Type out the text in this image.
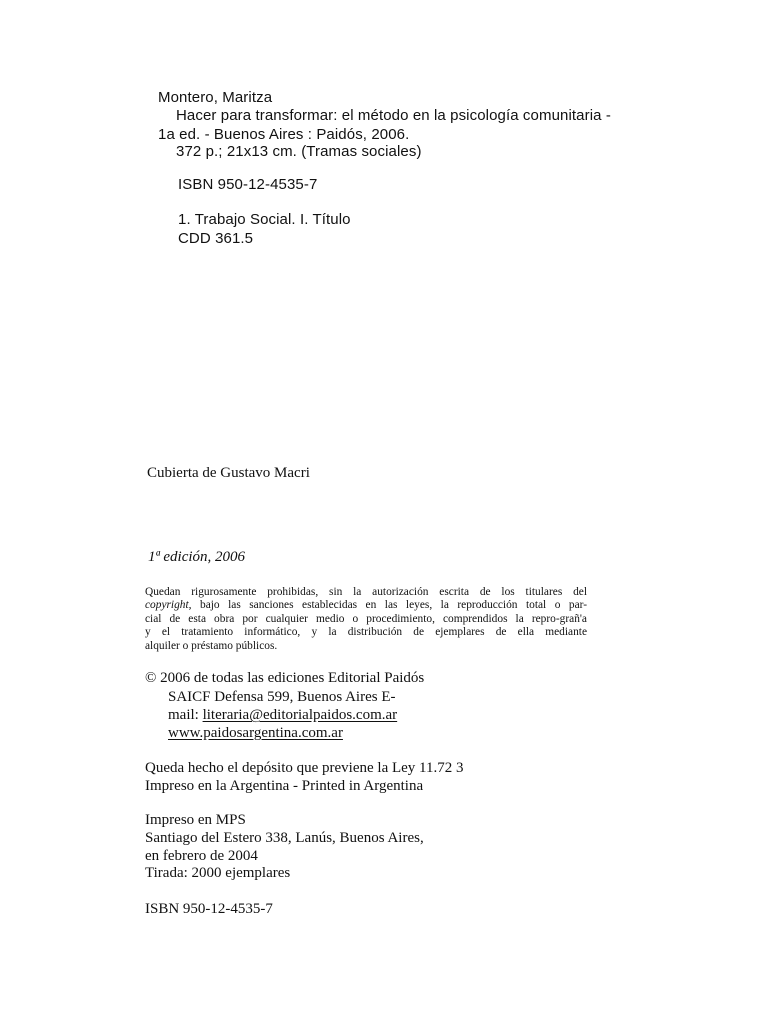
Montero, Maritza
Hacer para transformar: el método en la psicología comunitaria -
1a ed. - Buenos Aires : Paidós, 2006.
372 p.; 21x13 cm. (Tramas sociales)
ISBN 950-12-4535-7
1. Trabajo Social. I. Título
CDD 361.5
Cubierta de Gustavo Macri
1ª edición, 2006
Quedan rigurosamente prohibidas, sin la autorización escrita de los titulares del
copyright, bajo las sanciones establecidas en las leyes, la reproducción total o par-
cial de esta obra por cualquier medio o procedimiento, comprendidos la repro-grañ'a
y el tratamiento informático, y la distribución de ejemplares de ella mediante
alquiler o préstamo públicos.
© 2006 de todas las ediciones Editorial Paidós
SAICF Defensa 599, Buenos Aires E-
mail: literaria@editorialpaidos.com.ar
www.paidosargentina.com.ar
Queda hecho el depósito que previene la Ley 11.72 3
Impreso en la Argentina - Printed in Argentina
Impreso en MPS
Santiago del Estero 338, Lanús, Buenos Aires,
en febrero de 2004
Tirada: 2000 ejemplares
ISBN 950-12-4535-7
